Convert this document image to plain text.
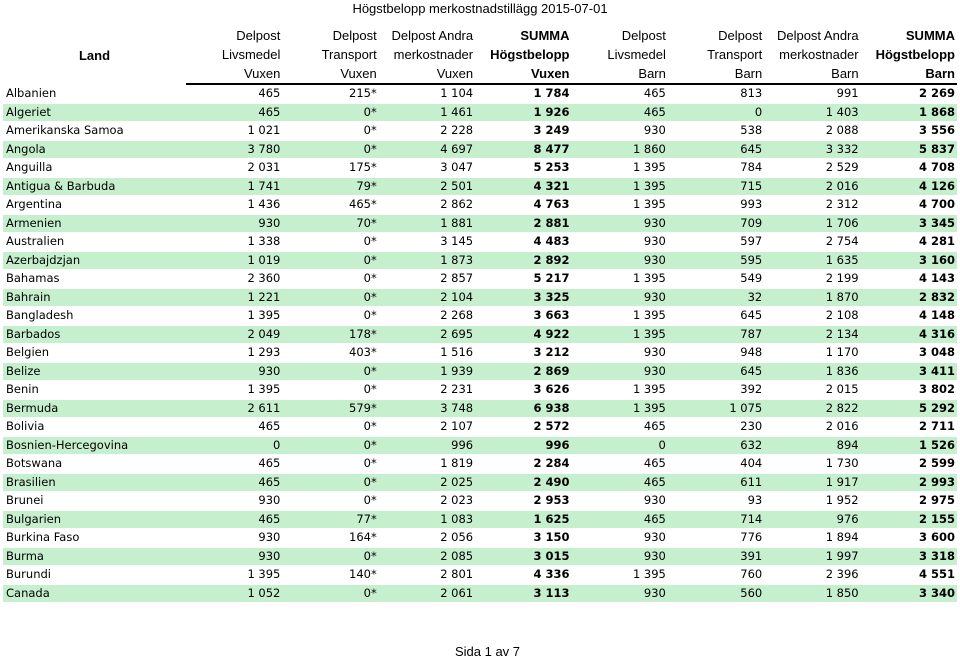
Högstbelopp merkostnadstillägg 2015-07-01
Land	Delpost	Delpost	Delpost Andra	SUMMA	Delpost	Delpost	Delpost Andra	SUMMA
	Livsmedel	Transport	merkostnader	Högstbelopp	Livsmedel	Transport	merkostnader	Högstbelopp
	Vuxen	Vuxen	Vuxen	Vuxen	Barn	Barn	Barn	Barn
Albanien	465	215*	1 104	1 784	465	813	991	2 269
Algeriet	465	0*	1 461	1 926	465	0	1 403	1 868
Amerikanska Samoa	1 021	0*	2 228	3 249	930	538	2 088	3 556
Angola	3 780	0*	4 697	8 477	1 860	645	3 332	5 837
Anguilla	2 031	175*	3 047	5 253	1 395	784	2 529	4 708
Antigua & Barbuda	1 741	79*	2 501	4 321	1 395	715	2 016	4 126
Argentina	1 436	465*	2 862	4 763	1 395	993	2 312	4 700
Armenien	930	70*	1 881	2 881	930	709	1 706	3 345
Australien	1 338	0*	3 145	4 483	930	597	2 754	4 281
Azerbajdzjan	1 019	0*	1 873	2 892	930	595	1 635	3 160
Bahamas	2 360	0*	2 857	5 217	1 395	549	2 199	4 143
Bahrain	1 221	0*	2 104	3 325	930	32	1 870	2 832
Bangladesh	1 395	0*	2 268	3 663	1 395	645	2 108	4 148
Barbados	2 049	178*	2 695	4 922	1 395	787	2 134	4 316
Belgien	1 293	403*	1 516	3 212	930	948	1 170	3 048
Belize	930	0*	1 939	2 869	930	645	1 836	3 411
Benin	1 395	0*	2 231	3 626	1 395	392	2 015	3 802
Bermuda	2 611	579*	3 748	6 938	1 395	1 075	2 822	5 292
Bolivia	465	0*	2 107	2 572	465	230	2 016	2 711
Bosnien-Hercegovina	0	0*	996	996	0	632	894	1 526
Botswana	465	0*	1 819	2 284	465	404	1 730	2 599
Brasilien	465	0*	2 025	2 490	465	611	1 917	2 993
Brunei	930	0*	2 023	2 953	930	93	1 952	2 975
Bulgarien	465	77*	1 083	1 625	465	714	976	2 155
Burkina Faso	930	164*	2 056	3 150	930	776	1 894	3 600
Burma	930	0*	2 085	3 015	930	391	1 997	3 318
Burundi	1 395	140*	2 801	4 336	1 395	760	2 396	4 551
Canada	1 052	0*	2 061	3 113	930	560	1 850	3 340
Sida 1 av 7
